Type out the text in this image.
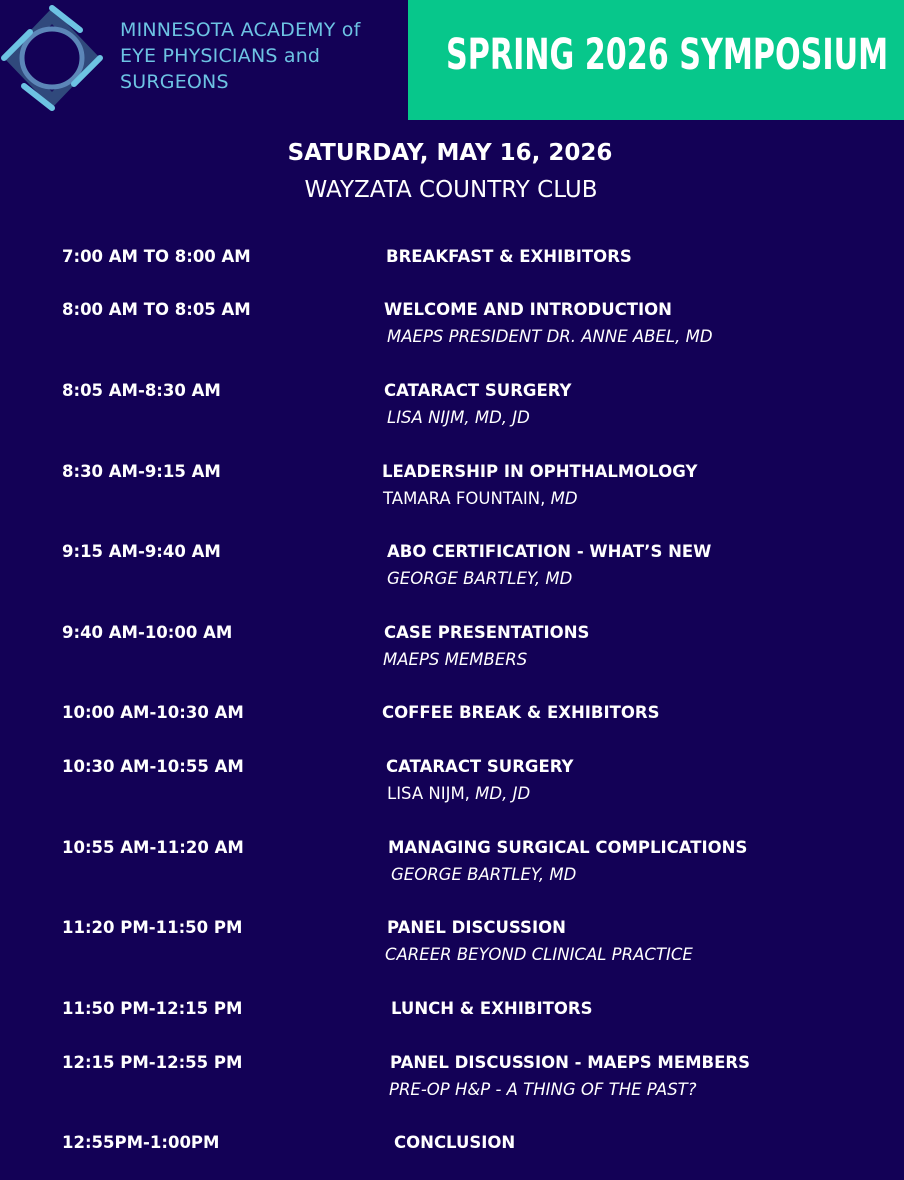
MINNESOTA ACADEMY of
EYE PHYSICIANS and
SURGEONS
SPRING 2026 SYMPOSIUM
SATURDAY, MAY 16, 2026
WAYZATA COUNTRY CLUB
7:00 AM TO 8:00 AM	BREAKFAST & EXHIBITORS
8:00 AM TO 8:05 AM	WELCOME AND INTRODUCTION
MAEPS PRESIDENT DR. ANNE ABEL, MD
8:05 AM-8:30 AM	CATARACT SURGERY
LISA NIJM, MD, JD
8:30 AM-9:15 AM	LEADERSHIP IN OPHTHALMOLOGY
TAMARA FOUNTAIN, MD
9:15 AM-9:40 AM	ABO CERTIFICATION - WHAT’S NEW
GEORGE BARTLEY, MD
9:40 AM-10:00 AM	CASE PRESENTATIONS
MAEPS MEMBERS
10:00 AM-10:30 AM	COFFEE BREAK & EXHIBITORS
10:30 AM-10:55 AM	CATARACT SURGERY
LISA NIJM, MD, JD
10:55 AM-11:20 AM	MANAGING SURGICAL COMPLICATIONS
GEORGE BARTLEY, MD
11:20 PM-11:50 PM	PANEL DISCUSSION
CAREER BEYOND CLINICAL PRACTICE
11:50 PM-12:15 PM	LUNCH & EXHIBITORS
12:15 PM-12:55 PM	PANEL DISCUSSION - MAEPS MEMBERS
PRE-OP H&P - A THING OF THE PAST?
12:55PM-1:00PM	CONCLUSION
